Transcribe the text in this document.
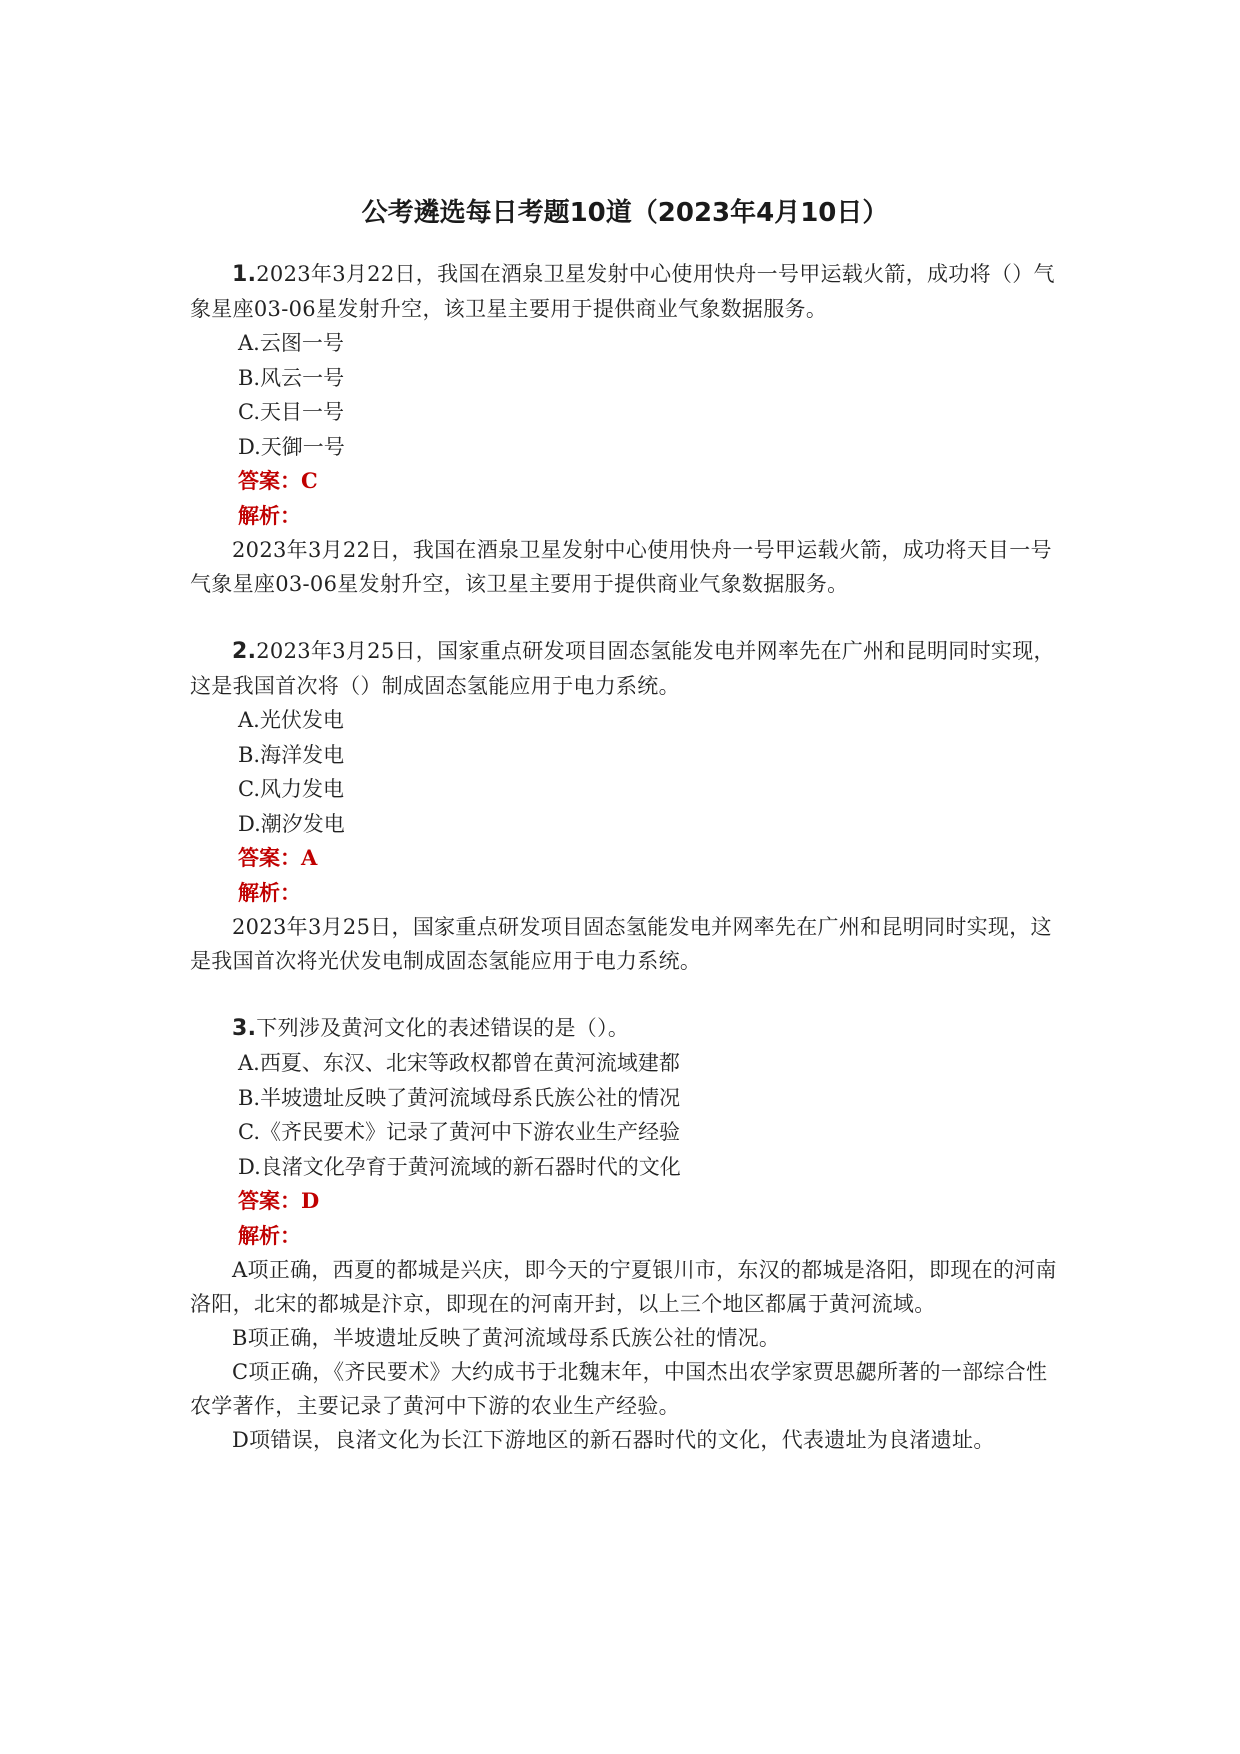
公考遴选每日考题10道（2023年4月10日）

1.2023年3月22日，我国在酒泉卫星发射中心使用快舟一号甲运载火箭，成功将（）气象星座03-06星发射升空，该卫星主要用于提供商业气象数据服务。

A.云图一号

B.风云一号

C.天目一号

D.天御一号

答案：C

解析：

2023年3月22日，我国在酒泉卫星发射中心使用快舟一号甲运载火箭，成功将天目一号气象星座03-06星发射升空，该卫星主要用于提供商业气象数据服务。

2.2023年3月25日，国家重点研发项目固态氢能发电并网率先在广州和昆明同时实现，这是我国首次将（）制成固态氢能应用于电力系统。

A.光伏发电

B.海洋发电

C.风力发电

D.潮汐发电

答案：A

解析：

2023年3月25日，国家重点研发项目固态氢能发电并网率先在广州和昆明同时实现，这是我国首次将光伏发电制成固态氢能应用于电力系统。

3.下列涉及黄河文化的表述错误的是（）。

A.西夏、东汉、北宋等政权都曾在黄河流域建都

B.半坡遗址反映了黄河流域母系氏族公社的情况

C.《齐民要术》记录了黄河中下游农业生产经验

D.良渚文化孕育于黄河流域的新石器时代的文化

答案：D

解析：

A项正确，西夏的都城是兴庆，即今天的宁夏银川市，东汉的都城是洛阳，即现在的河南洛阳，北宋的都城是汴京，即现在的河南开封，以上三个地区都属于黄河流域。

B项正确，半坡遗址反映了黄河流域母系氏族公社的情况。

C项正确，《齐民要术》大约成书于北魏末年，中国杰出农学家贾思勰所著的一部综合性农学著作，主要记录了黄河中下游的农业生产经验。

D项错误，良渚文化为长江下游地区的新石器时代的文化，代表遗址为良渚遗址。
